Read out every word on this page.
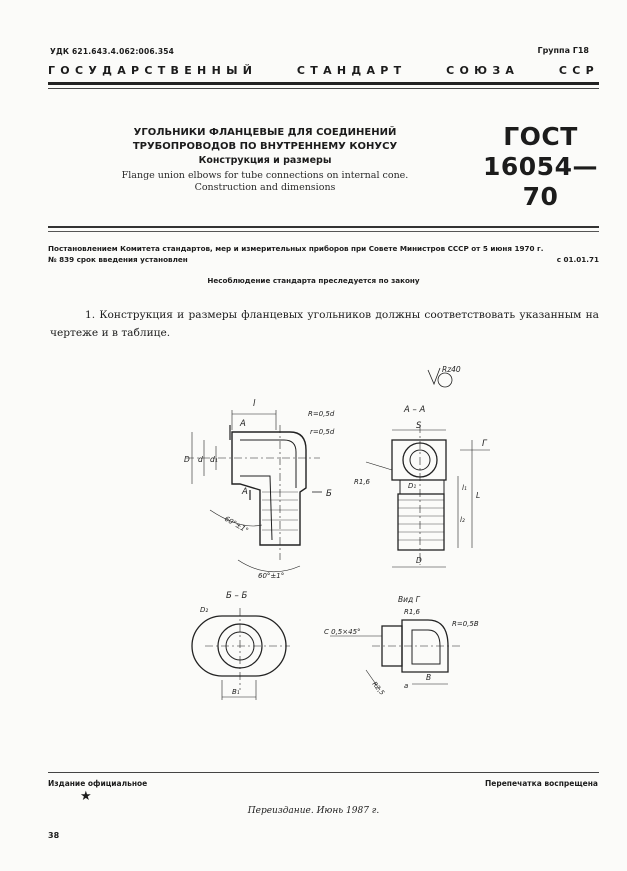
УДК 621.643.4.062:006.354	Группа Г18
ГОСУДАРСТВЕННЫЙ	СТАНДАРТ	СОЮЗА	ССР
УГОЛЬНИКИ ФЛАНЦЕВЫЕ ДЛЯ СОЕДИНЕНИЙ
ТРУБОПРОВОДОВ ПО ВНУТРЕННЕМУ КОНУСУ
Конструкция и размеры
Flange union elbows for tube connections on internal cone.
Construction and dimensions
ГОСТ
16054—70
Постановлением Комитета стандартов, мер и измерительных приборов при Совете Министров СССР от 5 июня 1970 г.
№ 839 срок введения установлен	с 01.01.71
Несоблюдение стандарта преследуется по закону
1. Конструкция и размеры фланцевых угольников должны соответствовать указанным на чертеже и в таблице.
l
R=0,5d
r=0,5d
А
А	Б
D d d₁
60°±1°
60°±1°
А – А
S
Г
D₁
R1,6
L
l₁
l₂
D
Rz40
Б – Б
D₂
B₁
Вид Г
R1,6
R=0,5B
C 0,5×45°
R2,5
B
a
Издание официальное	Перепечатка воспрещена
★
Переиздание. Июнь 1987 г.
38
